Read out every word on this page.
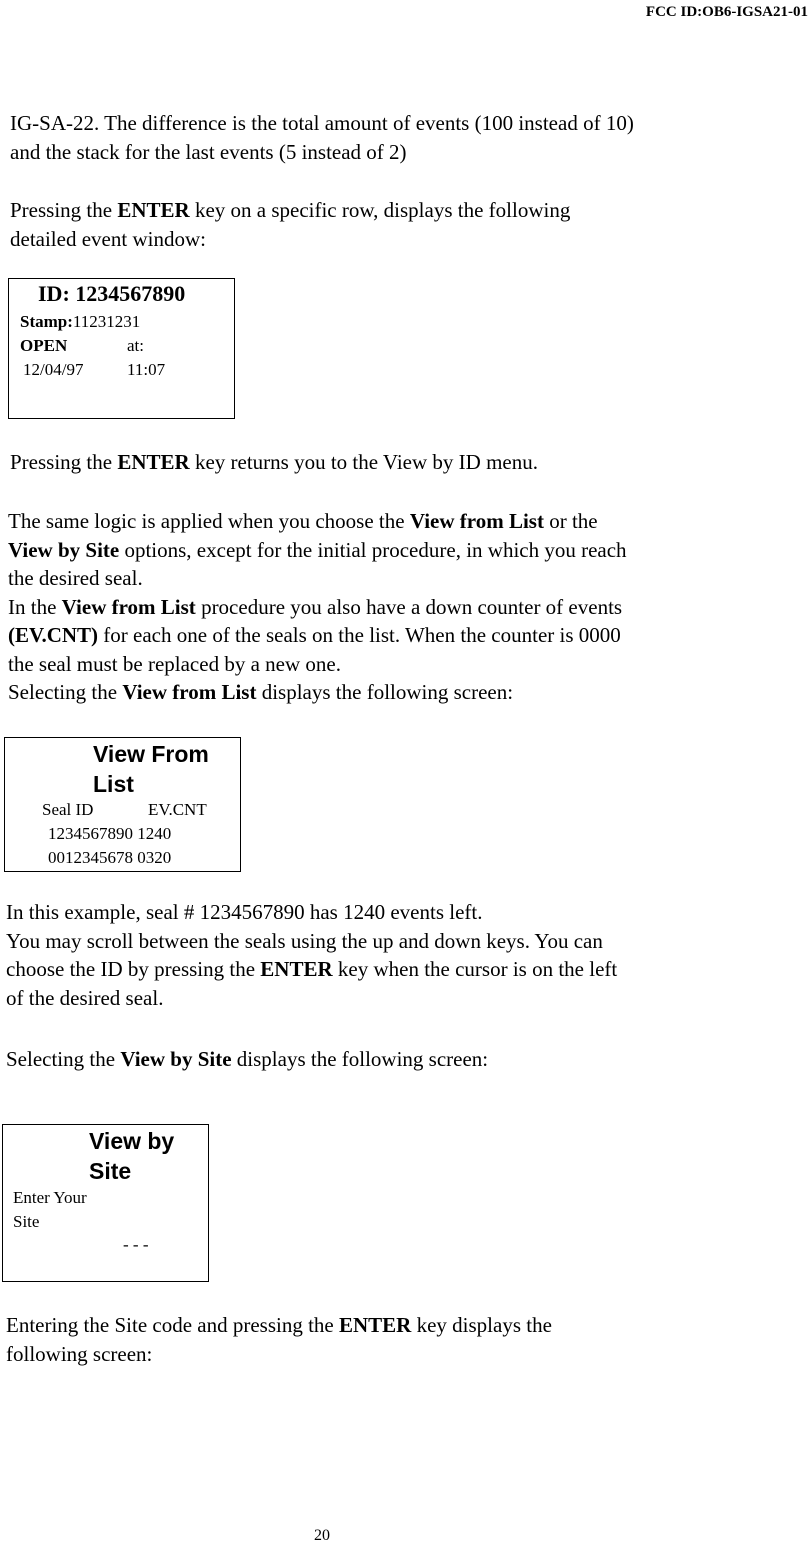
FCC ID:OB6-IGSA21-01
IG-SA-22. The difference is the total amount of events (100 instead of 10)
and the stack for the last events (5 instead of 2)
Pressing the ENTER key on a specific row, displays the following
detailed event window:
ID: 1234567890
Stamp:11231231
OPEN	at:
12/04/97	11:07
Pressing the ENTER key returns you to the View by ID menu.
The same logic is applied when you choose the View from List or the
View by Site options, except for the initial procedure, in which you reach
the desired seal.
In the View from List procedure you also have a down counter of events
(EV.CNT) for each one of the seals on the list. When the counter is 0000
the seal must be replaced by a new one.
Selecting the View from List displays the following screen:
View From
List
Seal ID	EV.CNT
1234567890 1240
0012345678 0320
In this example, seal # 1234567890 has 1240 events left.
You may scroll between the seals using the up and down keys. You can
choose the ID by pressing the ENTER key when the cursor is on the left
of the desired seal.
Selecting the View by Site displays the following screen:
View by
Site
Enter Your
Site
- - -
Entering the Site code and pressing the ENTER key displays the
following screen:
20
